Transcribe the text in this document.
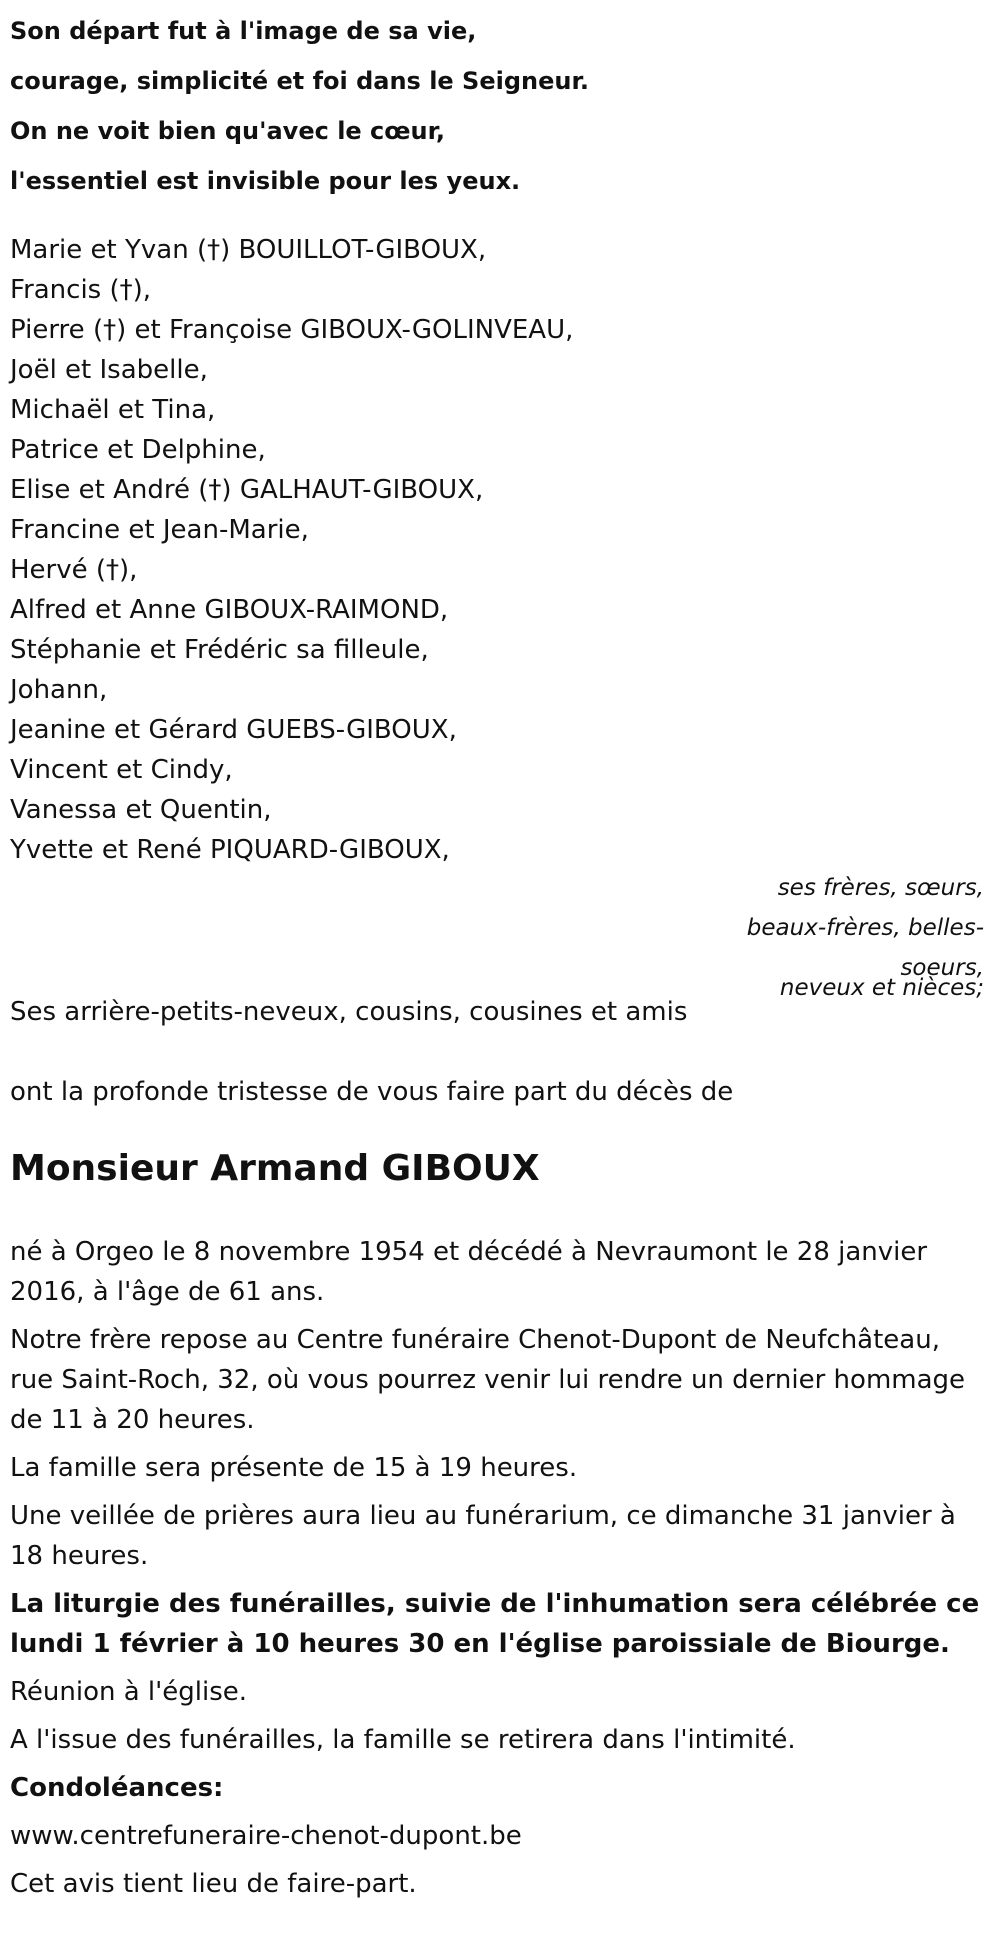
Son départ fut à l'image de sa vie,
courage, simplicité et foi dans le Seigneur.
On ne voit bien qu'avec le cœur,
l'essentiel est invisible pour les yeux.
Marie et Yvan (†) BOUILLOT-GIBOUX,
Francis (†),
Pierre (†) et Françoise GIBOUX-GOLINVEAU,
Joël et Isabelle,
Michaël et Tina,
Patrice et Delphine,
Elise et André (†) GALHAUT-GIBOUX,
Francine et Jean-Marie,
Hervé (†),
Alfred et Anne GIBOUX-RAIMOND,
Stéphanie et Frédéric sa filleule,
Johann,
Jeanine et Gérard GUEBS-GIBOUX,
Vincent et Cindy,
Vanessa et Quentin,
Yvette et René PIQUARD-GIBOUX,
ses frères, sœurs,
beaux-frères, belles-
soeurs,
neveux et nièces;
Ses arrière-petits-neveux, cousins, cousines et amis
ont la profonde tristesse de vous faire part du décès de
Monsieur Armand GIBOUX

né à Orgeo le 8 novembre 1954 et décédé à Nevraumont le 28 janvier 2016, à l'âge de 61 ans.

Notre frère repose au Centre funéraire Chenot-Dupont de Neufchâteau, rue Saint-Roch, 32, où vous pourrez venir lui rendre un dernier hommage de 11 à 20 heures.

La famille sera présente de 15 à 19 heures.

Une veillée de prières aura lieu au funérarium, ce dimanche 31 janvier à 18 heures.

La liturgie des funérailles, suivie de l'inhumation sera célébrée ce lundi 1 février à 10 heures 30 en l'église paroissiale de Biourge.

Réunion à l'église.

A l'issue des funérailles, la famille se retirera dans l'intimité.

Condoléances:

www.centrefuneraire-chenot-dupont.be

Cet avis tient lieu de faire-part.
